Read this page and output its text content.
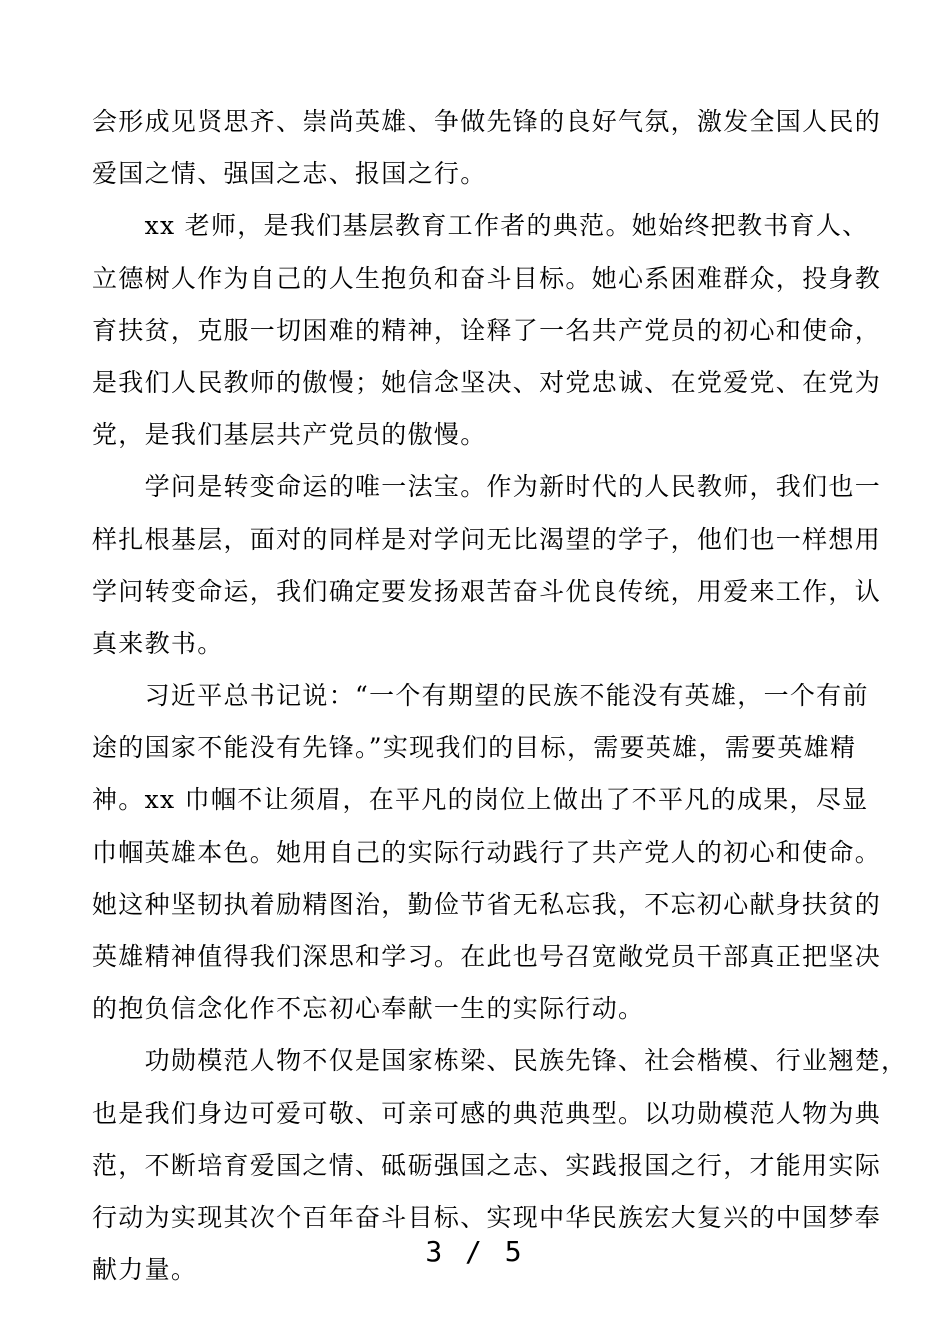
会形成见贤思齐、崇尚英雄、争做先锋的良好气氛，激发全国人民的
爱国之情、强国之志、报国之行。

　　xx 老师，是我们基层教育工作者的典范。她始终把教书育人、
立德树人作为自己的人生抱负和奋斗目标。她心系困难群众，投身教
育扶贫，克服一切困难的精神，诠释了一名共产党员的初心和使命，
是我们人民教师的傲慢；她信念坚决、对党忠诚、在党爱党、在党为
党，是我们基层共产党员的傲慢。

　　学问是转变命运的唯一法宝。作为新时代的人民教师，我们也一
样扎根基层，面对的同样是对学问无比渴望的学子，他们也一样想用
学问转变命运，我们确定要发扬艰苦奋斗优良传统，用爱来工作，认
真来教书。

　　习近平总书记说：“一个有期望的民族不能没有英雄，一个有前
途的国家不能没有先锋。”实现我们的目标，需要英雄，需要英雄精
神。xx 巾帼不让须眉，在平凡的岗位上做出了不平凡的成果，尽显
巾帼英雄本色。她用自己的实际行动践行了共产党人的初心和使命。
她这种坚韧执着励精图治，勤俭节省无私忘我，不忘初心献身扶贫的
英雄精神值得我们深思和学习。在此也号召宽敞党员干部真正把坚决
的抱负信念化作不忘初心奉献一生的实际行动。

　　功勋模范人物不仅是国家栋梁、民族先锋、社会楷模、行业翘楚，
也是我们身边可爱可敬、可亲可感的典范典型。以功勋模范人物为典
范，不断培育爱国之情、砥砺强国之志、实践报国之行，才能用实际
行动为实现其次个百年奋斗目标、实现中华民族宏大复兴的中国梦奉
献力量。

3 / 5
